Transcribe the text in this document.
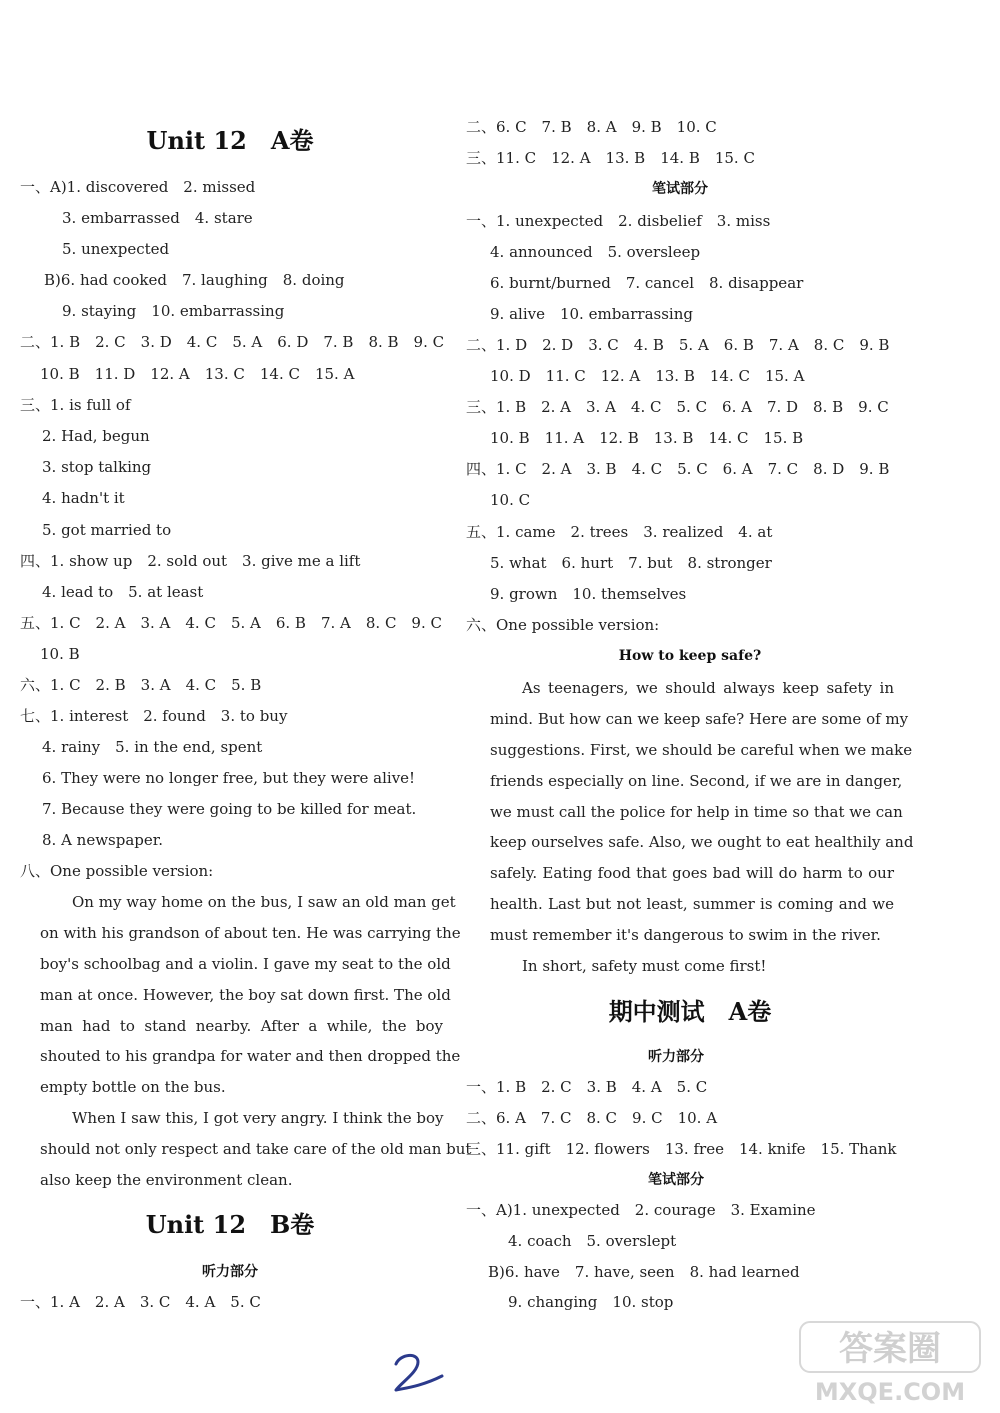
Unit 12　A卷
一、A)1. discovered　2. missed
3. embarrassed　4. stare
5. unexpected
B)6. had cooked　7. laughing　8. doing
9. staying　10. embarrassing
二、1. B　2. C　3. D　4. C　5. A　6. D　7. B　8. B　9. C
10. B　11. D　12. A　13. C　14. C　15. A
三、1. is full of
2. Had, begun
3. stop talking
4. hadn't it
5. got married to
四、1. show up　2. sold out　3. give me a lift
4. lead to　5. at least
五、1. C　2. A　3. A　4. C　5. A　6. B　7. A　8. C　9. C
10. B
六、1. C　2. B　3. A　4. C　5. B
七、1. interest　2. found　3. to buy
4. rainy　5. in the end, spent
6. They were no longer free, but they were alive!
7. Because they were going to be killed for meat.
8. A newspaper.
八、One possible version:
On my way home on the bus, I saw an old man get
on with his grandson of about ten. He was carrying the
boy's schoolbag and a violin. I gave my seat to the old
man at once. However, the boy sat down first. The old
man had to stand nearby. After a while, the boy
shouted to his grandpa for water and then dropped the
empty bottle on the bus.
When I saw this, I got very angry. I think the boy
should not only respect and take care of the old man but
also keep the environment clean.
Unit 12　B卷
听力部分
一、1. A　2. A　3. C　4. A　5. C
二、6. C　7. B　8. A　9. B　10. C
三、11. C　12. A　13. B　14. B　15. C
笔试部分
一、1. unexpected　2. disbelief　3. miss
4. announced　5. oversleep
6. burnt/burned　7. cancel　8. disappear
9. alive　10. embarrassing
二、1. D　2. D　3. C　4. B　5. A　6. B　7. A　8. C　9. B
10. D　11. C　12. A　13. B　14. C　15. A
三、1. B　2. A　3. A　4. C　5. C　6. A　7. D　8. B　9. C
10. B　11. A　12. B　13. B　14. C　15. B
四、1. C　2. A　3. B　4. C　5. C　6. A　7. C　8. D　9. B
10. C
五、1. came　2. trees　3. realized　4. at
5. what　6. hurt　7. but　8. stronger
9. grown　10. themselves
六、One possible version:
How to keep safe?
As teenagers, we should always keep safety in
mind. But how can we keep safe? Here are some of my
suggestions. First, we should be careful when we make
friends especially on line. Second, if we are in danger,
we must call the police for help in time so that we can
keep ourselves safe. Also, we ought to eat healthily and
safely. Eating food that goes bad will do harm to our
health. Last but not least, summer is coming and we
must remember it's dangerous to swim in the river.
In short, safety must come first!
期中测试　A卷
听力部分
一、1. B　2. C　3. B　4. A　5. C
二、6. A　7. C　8. C　9. C　10. A
三、11. gift　12. flowers　13. free　14. knife　15. Thank
笔试部分
一、A)1. unexpected　2. courage　3. Examine
4. coach　5. overslept
B)6. have　7. have, seen　8. had learned
9. changing　10. stop
答案圈
MXQE.COM
